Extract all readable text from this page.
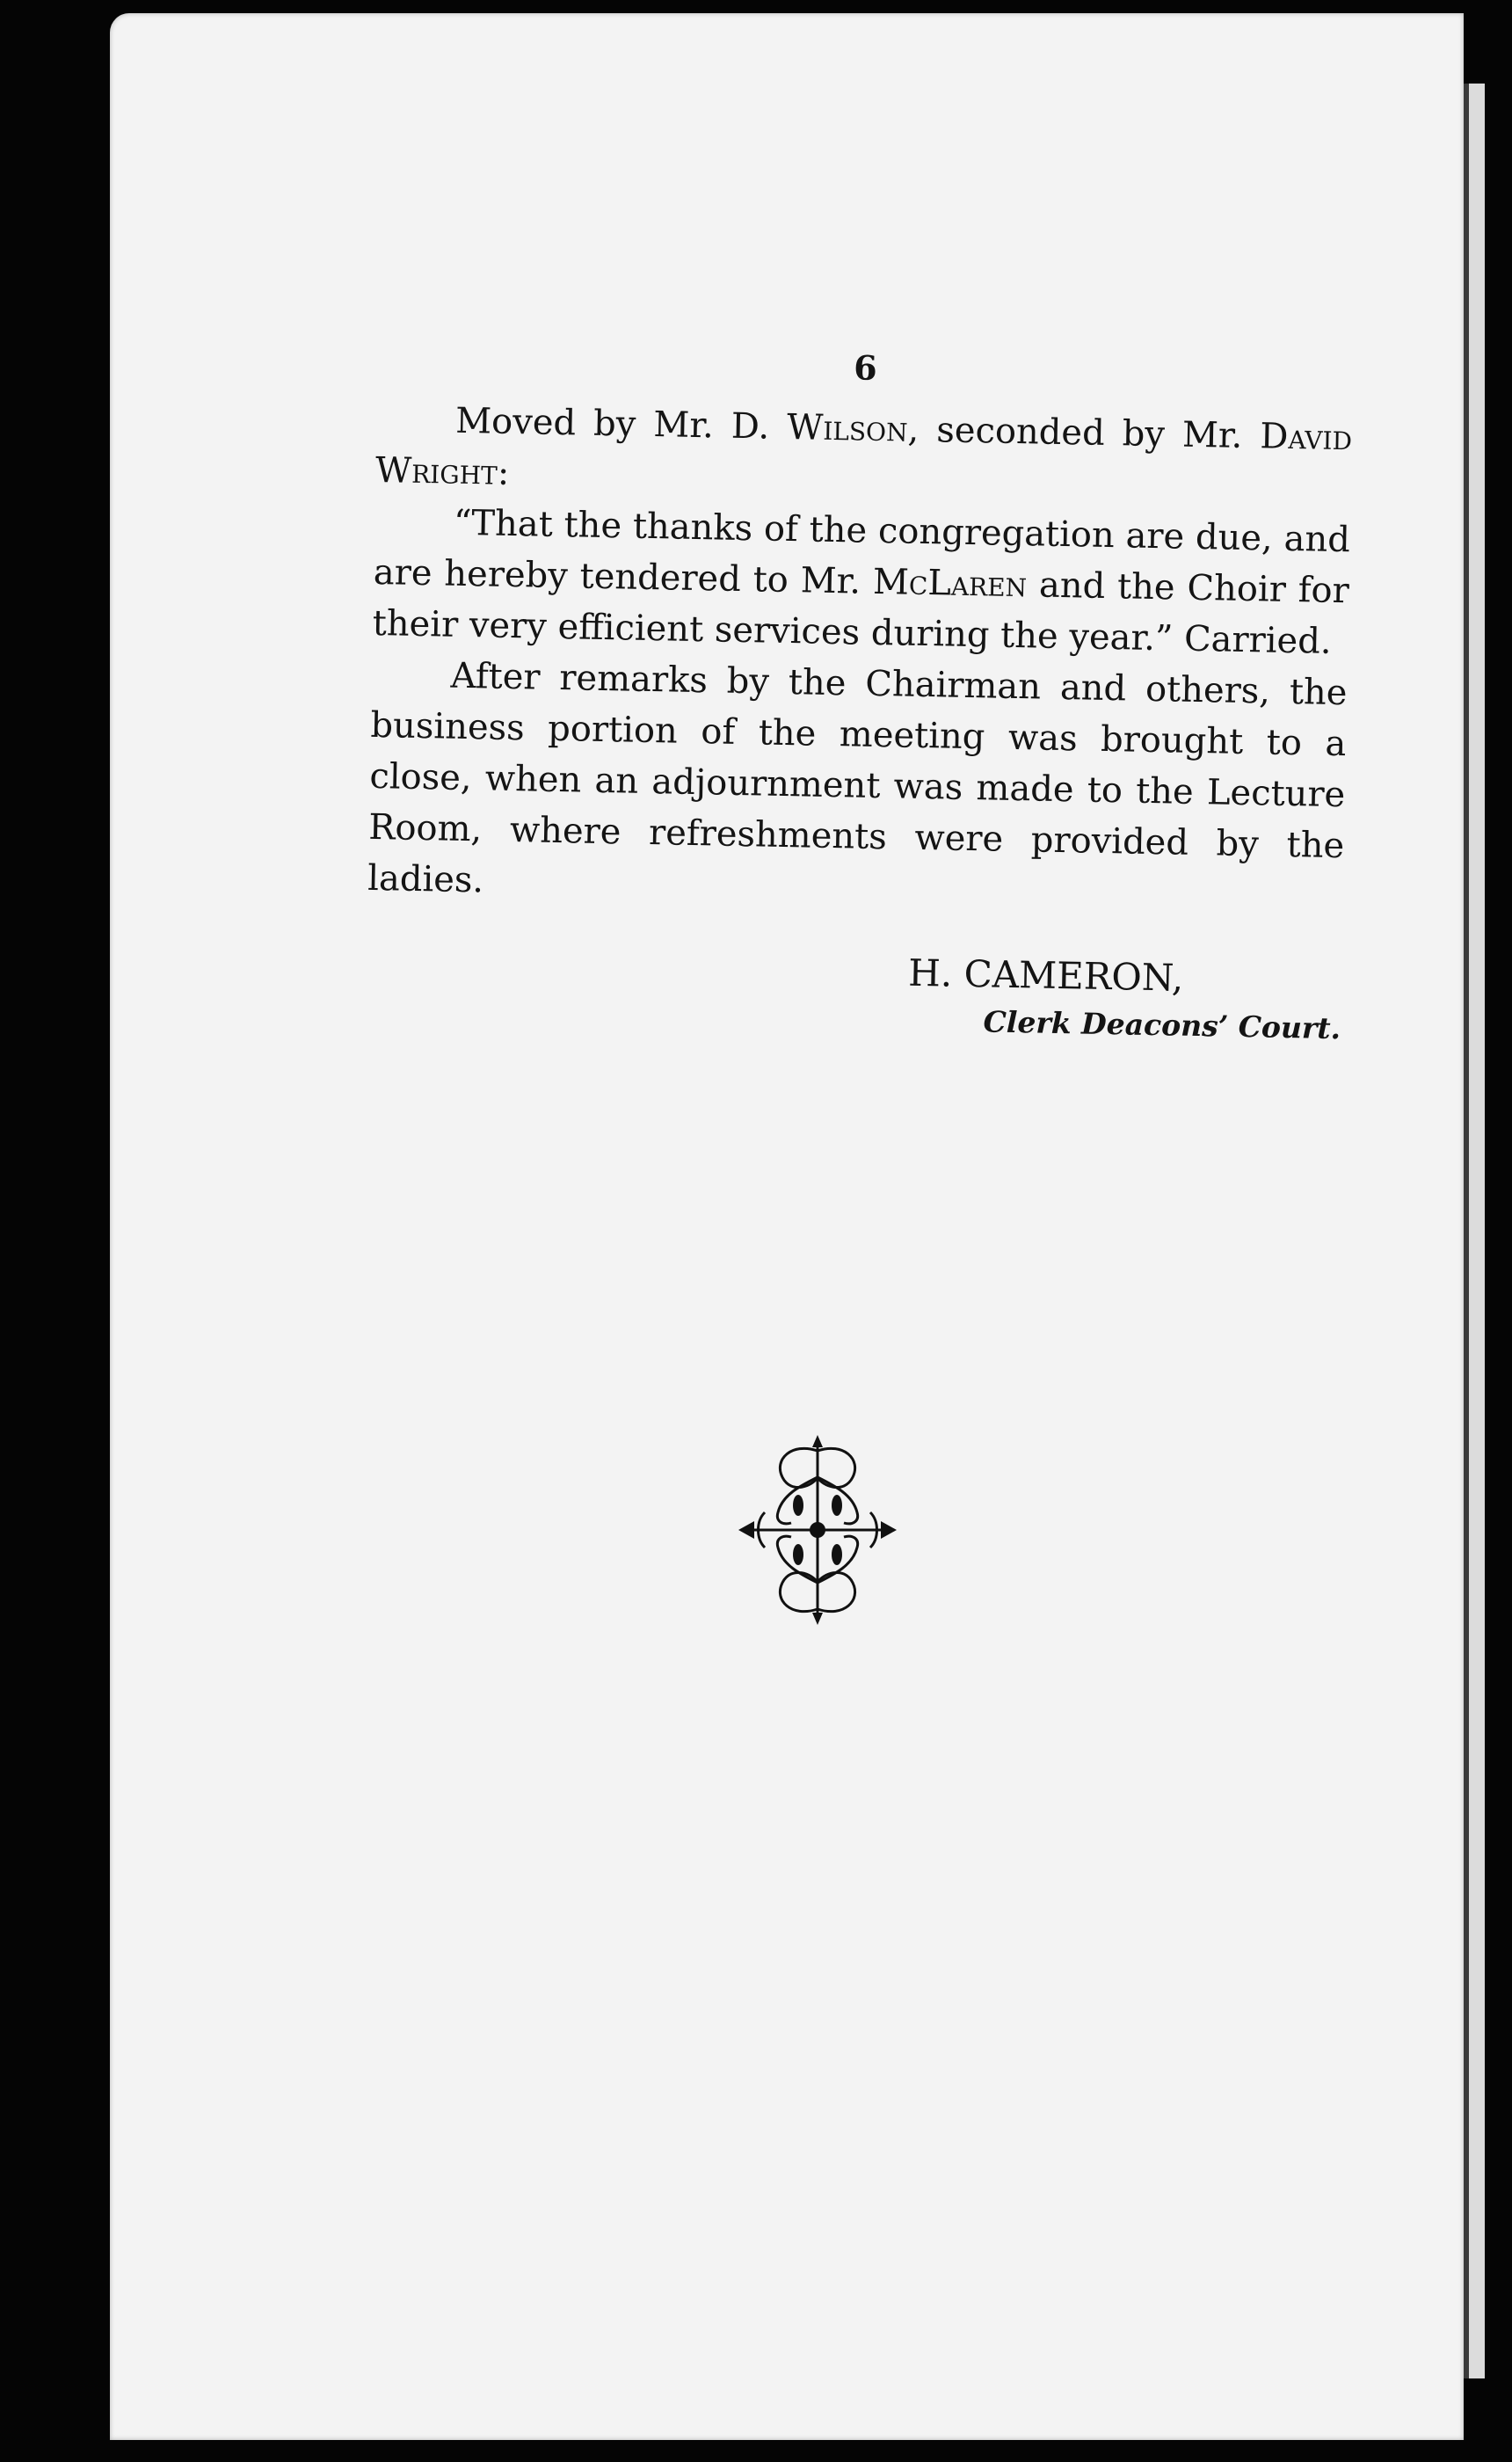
6

Moved by Mr. D. Wilson, seconded by Mr. David Wright:

“That the thanks of the congregation are due, and are hereby tendered to Mr. McLaren and the Choir for their very efficient services during the year.” Carried.

After remarks by the Chairman and others, the business portion of the meeting was brought to a close, when an adjournment was made to the Lecture Room, where refreshments were provided by the ladies.

H. CAMERON,
Clerk Deacons’ Court.
